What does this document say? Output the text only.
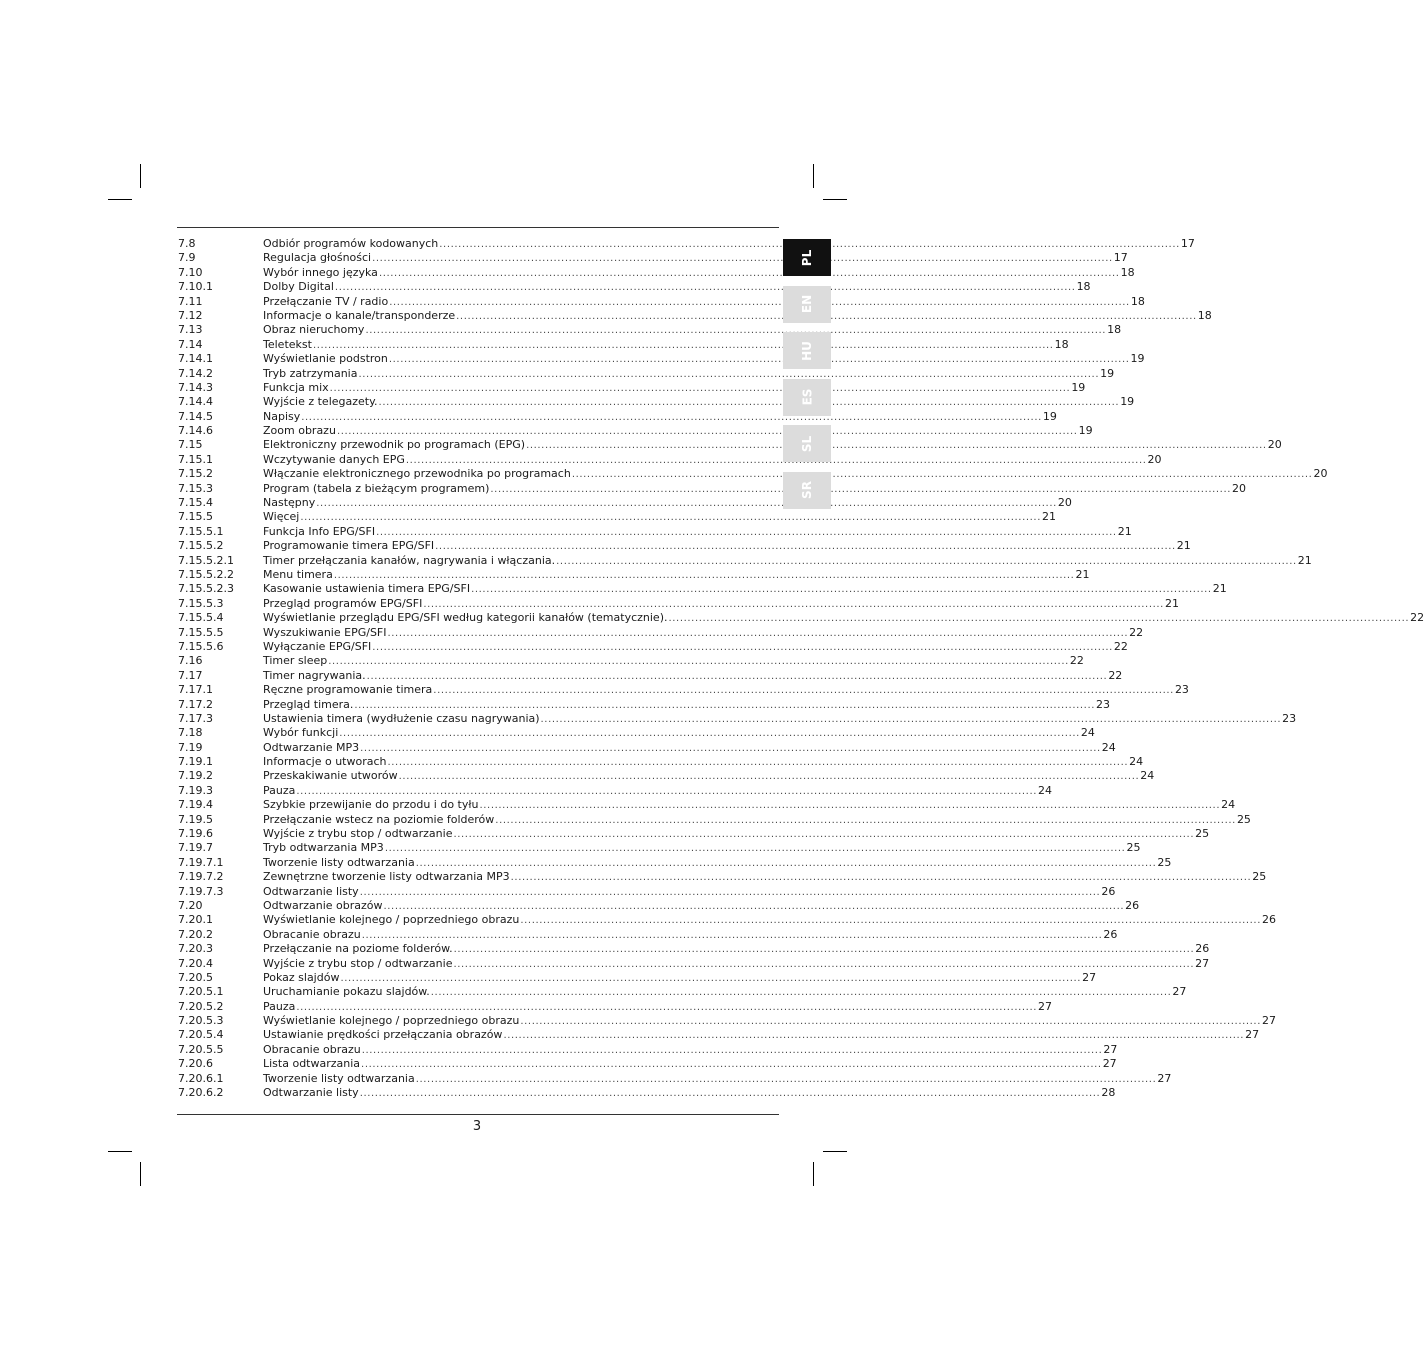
7.8	Odbiór programów kodowanych .....	17
7.9	Regulacja głośności .....	17
7.10	Wybór innego języka .....	18
7.10.1	Dolby Digital .....	18
7.11	Przełączanie TV / radio .....	18
7.12	Informacje o kanale/transponderze .....	18
7.13	Obraz nieruchomy .....	18
7.14	Teletekst .....	18
7.14.1	Wyświetlanie podstron .....	19
7.14.2	Tryb zatrzymania .....	19
7.14.3	Funkcja mix .....	19
7.14.4	Wyjście z telegazety. .....	19
7.14.5	Napisy .....	19
7.14.6	Zoom obrazu .....	19
7.15	Elektroniczny przewodnik po programach (EPG) .....	20
7.15.1	Wczytywanie danych EPG .....	20
7.15.2	Włączanie elektronicznego przewodnika po programach .....	20
7.15.3	Program (tabela z bieżącym programem) .....	20
7.15.4	Następny .....	20
7.15.5	Więcej .....	21
7.15.5.1	Funkcja Info EPG/SFI .....	21
7.15.5.2	Programowanie timera EPG/SFI .....	21
7.15.5.2.1	Timer przełączania kanałów, nagrywania i włączania. .....	21
7.15.5.2.2	Menu timera .....	21
7.15.5.2.3	Kasowanie ustawienia timera EPG/SFI .....	21
7.15.5.3	Przegląd programów EPG/SFI .....	21
7.15.5.4	Wyświetlanie przeglądu EPG/SFI według kategorii kanałów (tematycznie). .....	22
7.15.5.5	Wyszukiwanie EPG/SFI .....	22
7.15.5.6	Wyłączanie EPG/SFI .....	22
7.16	Timer sleep .....	22
7.17	Timer nagrywania. .....	22
7.17.1	Ręczne programowanie timera .....	23
7.17.2	Przegląd timera. .....	23
7.17.3	Ustawienia timera (wydłużenie czasu nagrywania) .....	23
7.18	Wybór funkcji .....	24
7.19	Odtwarzanie MP3 .....	24
7.19.1	Informacje o utworach .....	24
7.19.2	Przeskakiwanie utworów .....	24
7.19.3	Pauza .....	24
7.19.4	Szybkie przewijanie do przodu i do tyłu .....	24
7.19.5	Przełączanie wstecz na poziomie folderów .....	25
7.19.6	Wyjście z trybu stop / odtwarzanie .....	25
7.19.7	Tryb odtwarzania MP3 .....	25
7.19.7.1	Tworzenie listy odtwarzania .....	25
7.19.7.2	Zewnętrzne tworzenie listy odtwarzania MP3 .....	25
7.19.7.3	Odtwarzanie listy .....	26
7.20	Odtwarzanie obrazów .....	26
7.20.1	Wyświetlanie kolejnego / poprzedniego obrazu .....	26
7.20.2	Obracanie obrazu .....	26
7.20.3	Przełączanie na poziome folderów. .....	26
7.20.4	Wyjście z trybu stop / odtwarzanie .....	27
7.20.5	Pokaz slajdów .....	27
7.20.5.1	Uruchamianie pokazu slajdów. .....	27
7.20.5.2	Pauza .....	27
7.20.5.3	Wyświetlanie kolejnego / poprzedniego obrazu .....	27
7.20.5.4	Ustawianie prędkości przełączania obrazów .....	27
7.20.5.5	Obracanie obrazu .....	27
7.20.6	Lista odtwarzania .....	27
7.20.6.1	Tworzenie listy odtwarzania .....	27
7.20.6.2	Odtwarzanie listy .....	28
PL
EN
HU
ES
SL
SR
3
